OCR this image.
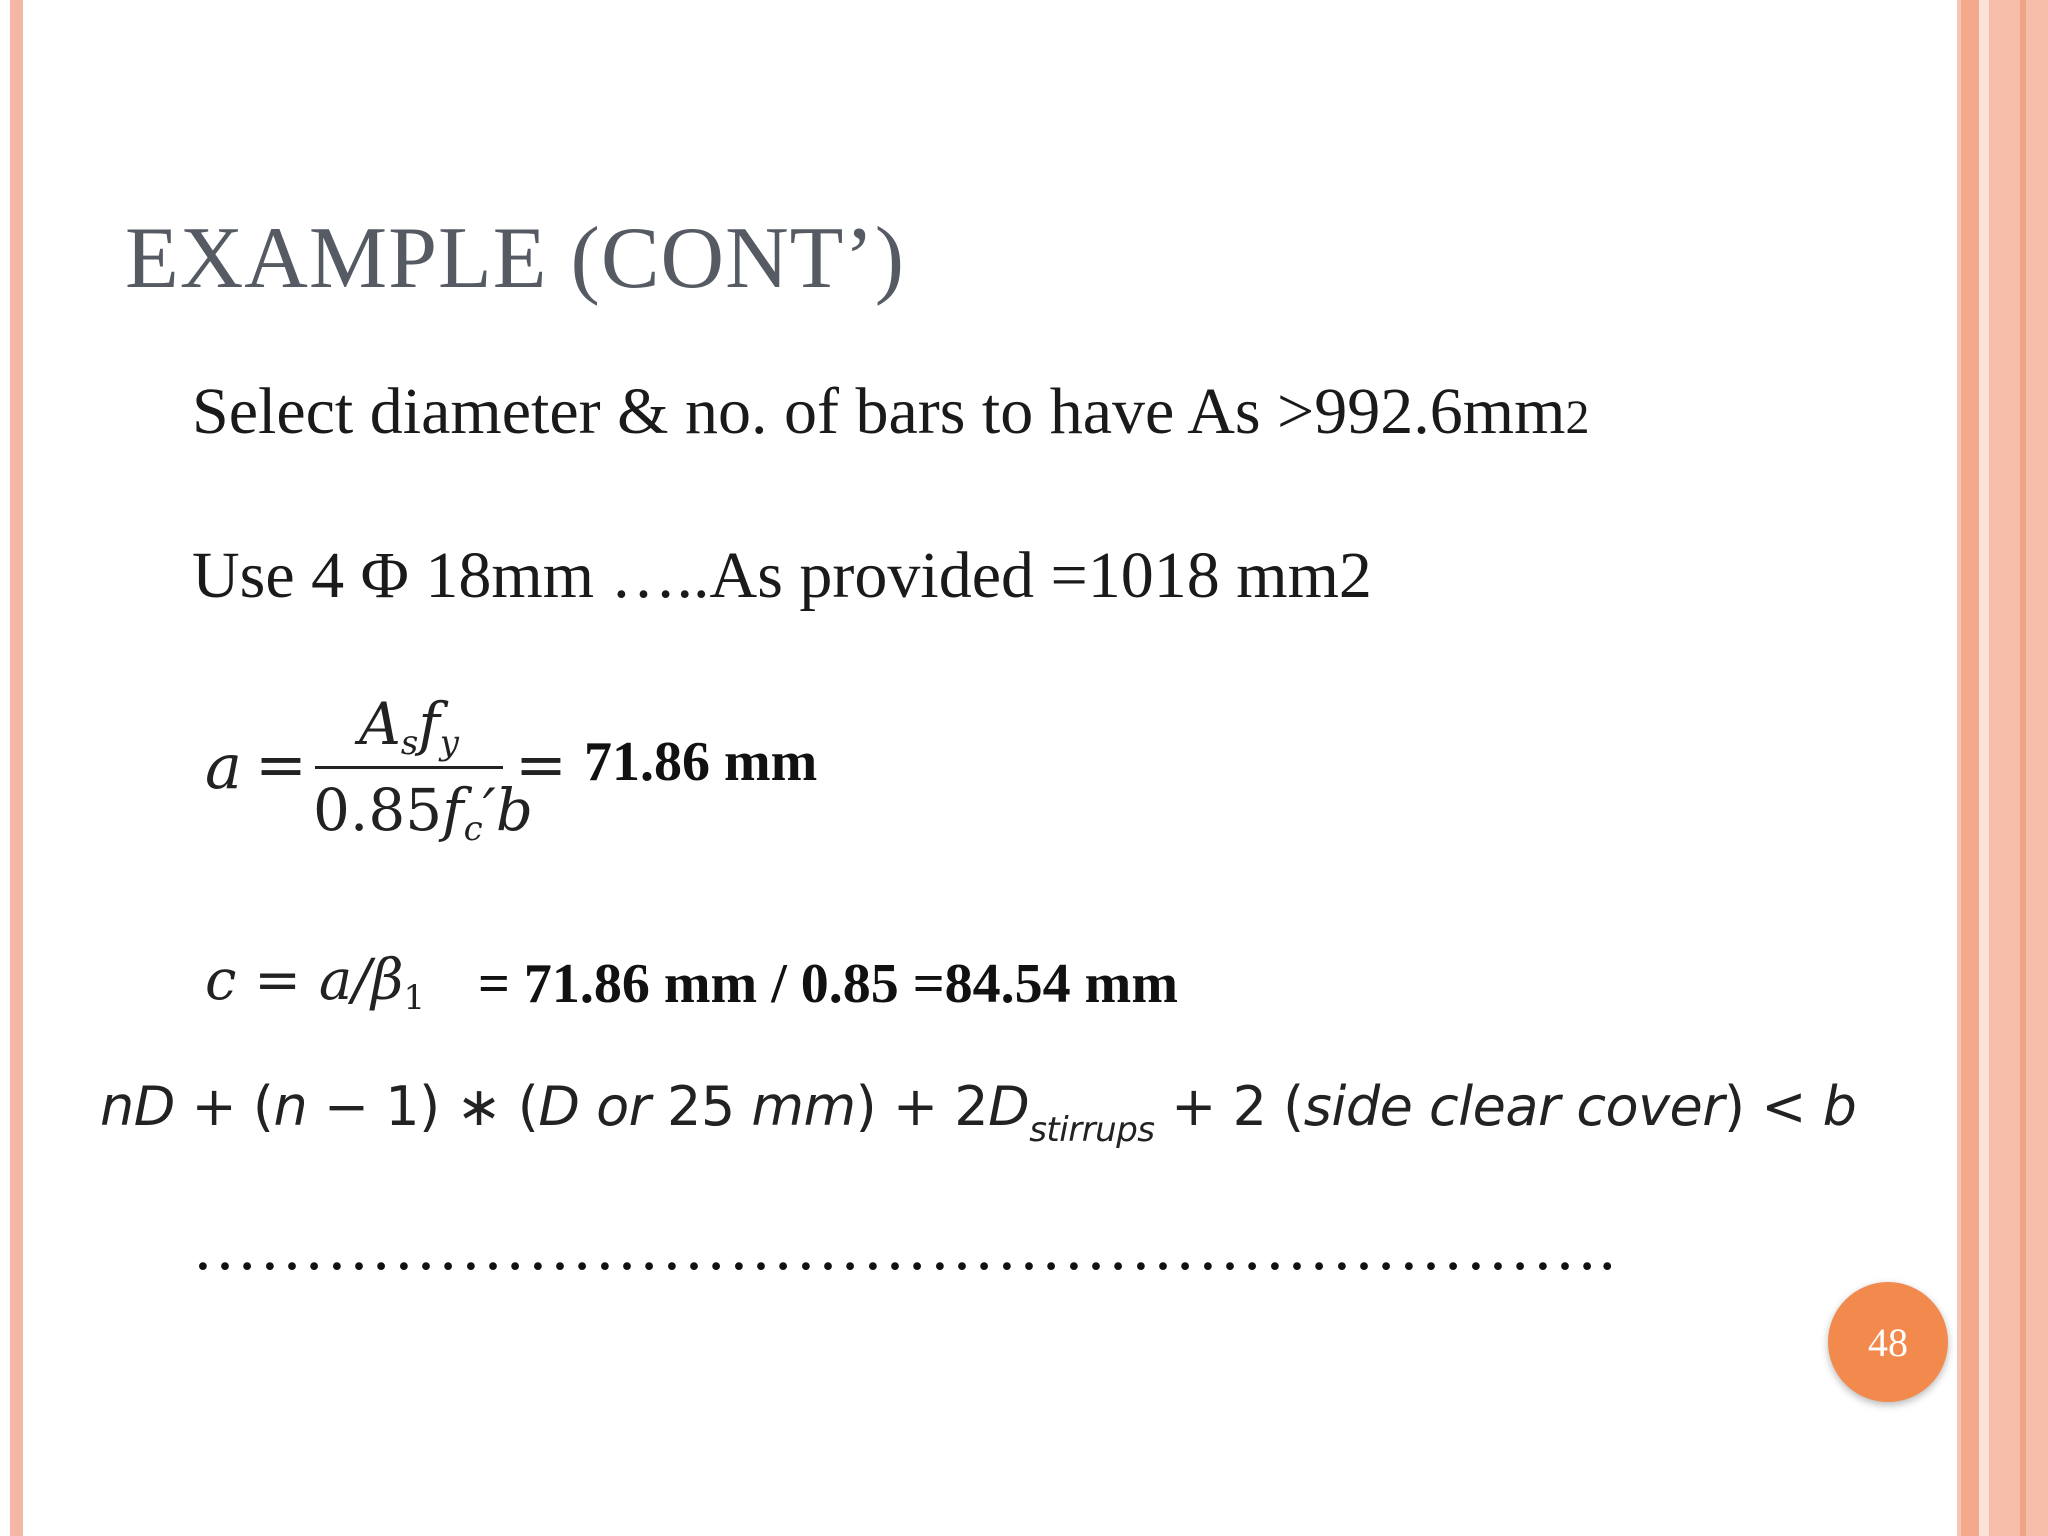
EXAMPLE (CONT’)
Select diameter & no. of bars to have As >992.6mm2
Use 4 Φ 18mm …..As provided =1018 mm2
a =
$A_sf_y$
$0.85f_c'b$
= 71.86 mm
$c = a/\beta_1 = 71.86$ mm / 0.85 =84.54 mm
nD + (n − 1) ∗ (D or 25 $mm) + 2D_{stirrups} + 2$ (side clear cover) < b
……………………………………………………….
48
